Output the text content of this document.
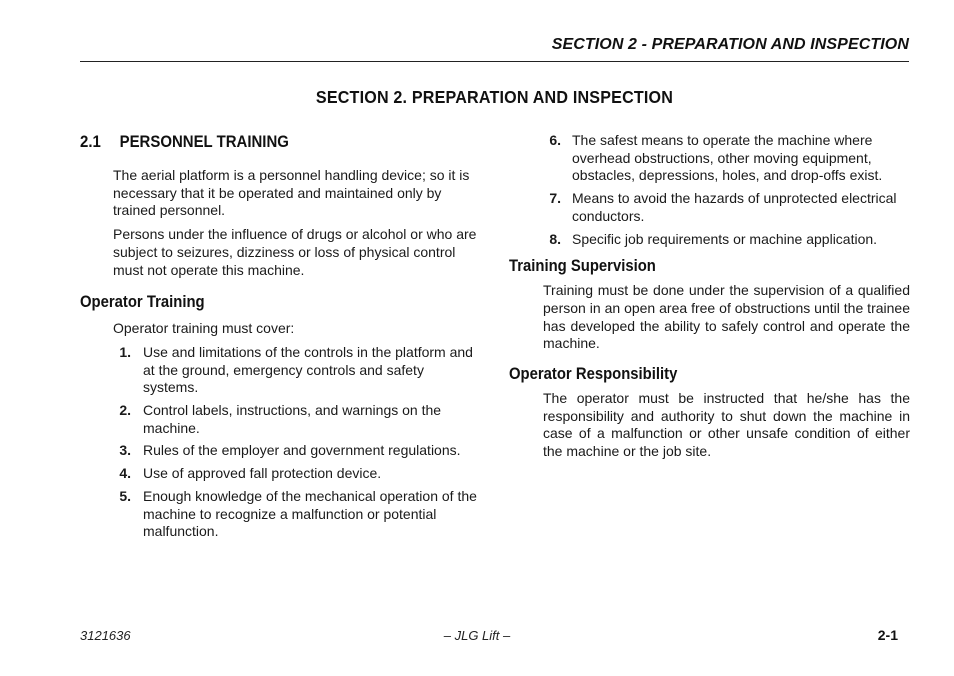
SECTION 2 - PREPARATION AND INSPECTION
SECTION 2. PREPARATION AND INSPECTION
2.1	PERSONNEL TRAINING

The aerial platform is a personnel handling device; so it is necessary that it be operated and maintained only by trained personnel.

Persons under the influence of drugs or alcohol or who are subject to seizures, dizziness or loss of physical control must not operate this machine.

Operator Training

Operator training must cover:

1. Use and limitations of the controls in the platform and at the ground, emergency controls and safety systems.
2. Control labels, instructions, and warnings on the machine.
3. Rules of the employer and government regulations.
4. Use of approved fall protection device.
5. Enough knowledge of the mechanical operation of the machine to recognize a malfunction or potential malfunction.
6. The safest means to operate the machine where overhead obstructions, other moving equipment, obstacles, depressions, holes, and drop-offs exist.
7. Means to avoid the hazards of unprotected electrical conductors.
8. Specific job requirements or machine application.
Training Supervision

Training must be done under the supervision of a qualified person in an open area free of obstructions until the trainee has developed the ability to safely control and operate the machine.

Operator Responsibility

The operator must be instructed that he/she has the responsibility and authority to shut down the machine in case of a malfunction or other unsafe condition of either the machine or the job site.

3121636	– JLG Lift –	2-1
